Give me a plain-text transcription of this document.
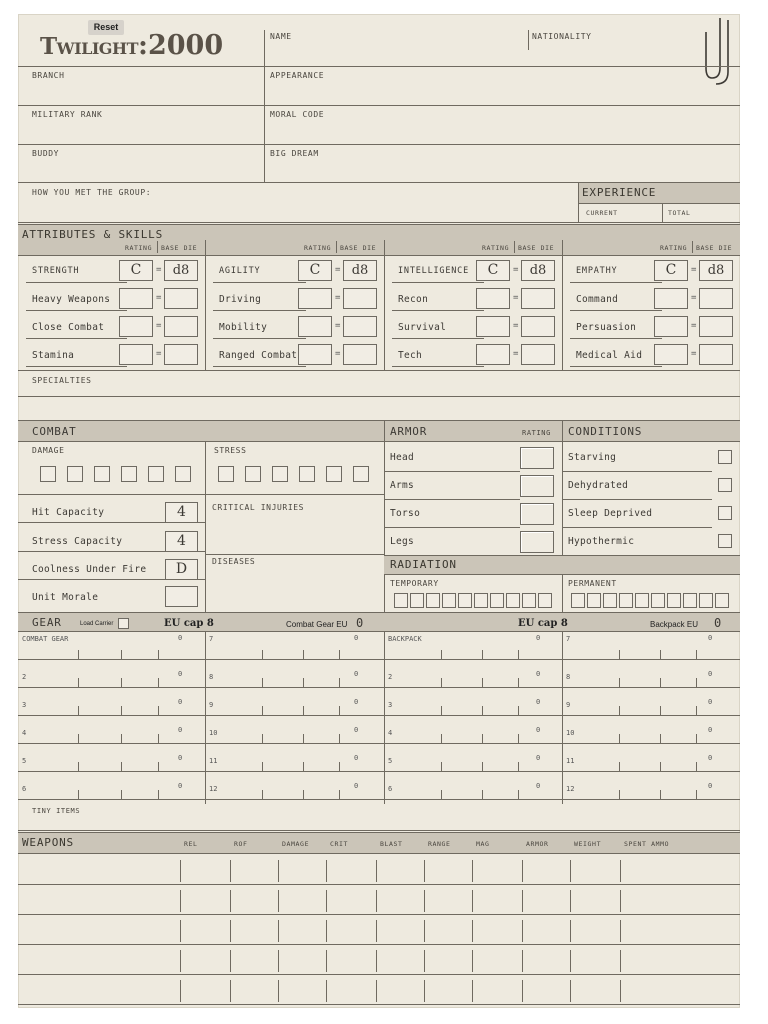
Reset
Twilight:2000	NAME	NATIONALITY
BRANCH	APPEARANCE
MILITARY RANK	MORAL CODE
BUDDY	BIG DREAM
HOW YOU MET THE GROUP:	EXPERIENCE
CURRENT	TOTAL
ATTRIBUTES & SKILLS
SPECIALTIES
COMBAT	ARMOR	RATING CONDITIONS
DAMAGE	STRESS
Hit Capacity	4
Stress Capacity	4
Coolness Under Fire	D
Unit Morale
CRITICAL INJURIES
DISEASES	RADIATION
TEMPORARY	PERMANENT
GEAR	Load Carrier	EU cap 8	Combat Gear EU 0	EU cap 8	Backpack EU 0
TINY ITEMS
WEAPONS
RATING BASE DIE
STRENGTH	C	= d8
Heavy Weapons	=
Close Combat	=
Stamina	=
RATING BASE DIE
AGILITY	C	= d8
Driving	=
Mobility	=
Ranged Combat	=
RATING BASE DIE
INTELLIGENCE	C	= d8
Recon	=
Survival	=
Tech	=
RATING BASE DIE
EMPATHY	C	= d8
Command	=
Persuasion	=
Medical Aid	=
Head
Arms
Torso
Legs
Starving
Dehydrated
Sleep Deprived
Hypothermic
COMBAT GEAR	0	7	0	BACKPACK	0	7	0
2	0	8	0	2	0	8	0
3	0	9	0	3	0	9	0
4	0	10	0	4	0	10	0
5	0	11	0	5	0	11	0
6	0	12	0	6	0	12	0
REL	ROF	DAMAGE	CRIT	BLAST	RANGE	MAG	ARMOR	WEIGHT	SPENT AMMO
